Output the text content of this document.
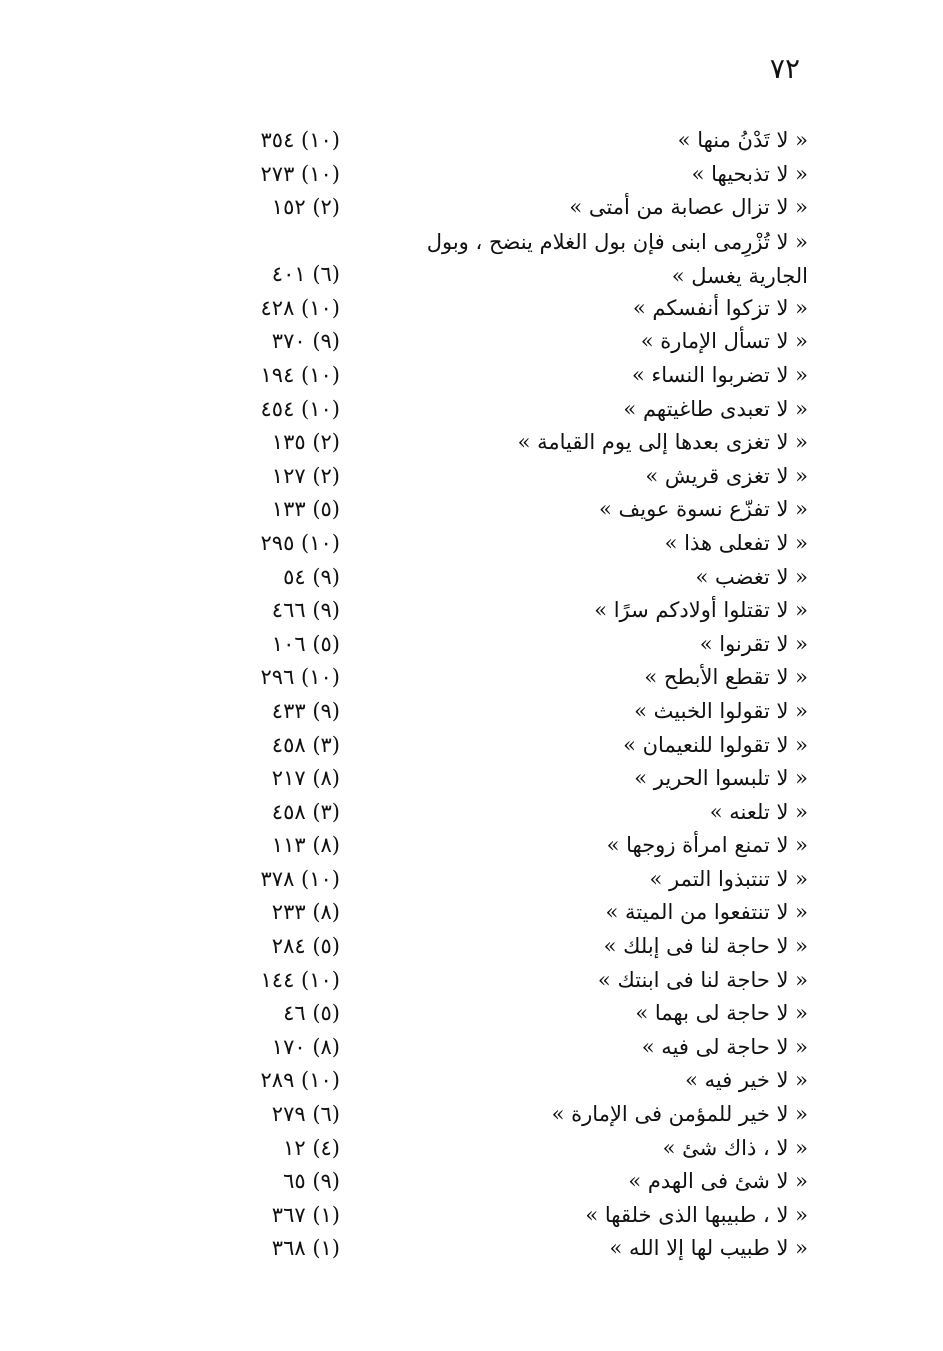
٧٢
« لا تَدْنُ منها »
(١٠) ٣٥٤
« لا تذبحيها »
(١٠) ٢٧٣
« لا تزال عصابة من أمتى »
(٢) ١٥٢
« لا تُزْرِمى ابنى فإن بول الغلام ينضح ، وبول الجارية يغسل »
(٦) ٤٠١
« لا تزكوا أنفسكم »
(١٠) ٤٢٨
« لا تسأل الإمارة »
(٩) ٣٧٠
« لا تضربوا النساء »
(١٠) ١٩٤
« لا تعبدى طاغيتهم »
(١٠) ٤٥٤
« لا تغزى بعدها إلى يوم القيامة »
(٢) ١٣٥
« لا تغزى قريش »
(٢) ١٢٧
« لا تفزّع نسوة عويف »
(٥) ١٣٣
« لا تفعلى هذا »
(١٠) ٢٩٥
« لا تغضب »
(٩) ٥٤
« لا تقتلوا أولادكم سرًا »
(٩) ٤٦٦
« لا تقرنوا »
(٥) ١٠٦
« لا تقطع الأبطح »
(١٠) ٢٩٦
« لا تقولوا الخبيث »
(٩) ٤٣٣
« لا تقولوا للنعيمان »
(٣) ٤٥٨
« لا تلبسوا الحرير »
(٨) ٢١٧
« لا تلعنه »
(٣) ٤٥٨
« لا تمنع امرأة زوجها »
(٨) ١١٣
« لا تنتبذوا التمر »
(١٠) ٣٧٨
« لا تنتفعوا من الميتة »
(٨) ٢٣٣
« لا حاجة لنا فى إبلك »
(٥) ٢٨٤
« لا حاجة لنا فى ابنتك »
(١٠) ١٤٤
« لا حاجة لى بهما »
(٥) ٤٦
« لا حاجة لى فيه »
(٨) ١٧٠
« لا خير فيه »
(١٠) ٢٨٩
« لا خير للمؤمن فى الإمارة »
(٦) ٢٧٩
« لا ، ذاك شئ »
(٤) ١٢
« لا شئ فى الهدم »
(٩) ٦٥
« لا ، طبيبها الذى خلقها »
(١) ٣٦٧
« لا طبيب لها إلا الله »
(١) ٣٦٨
